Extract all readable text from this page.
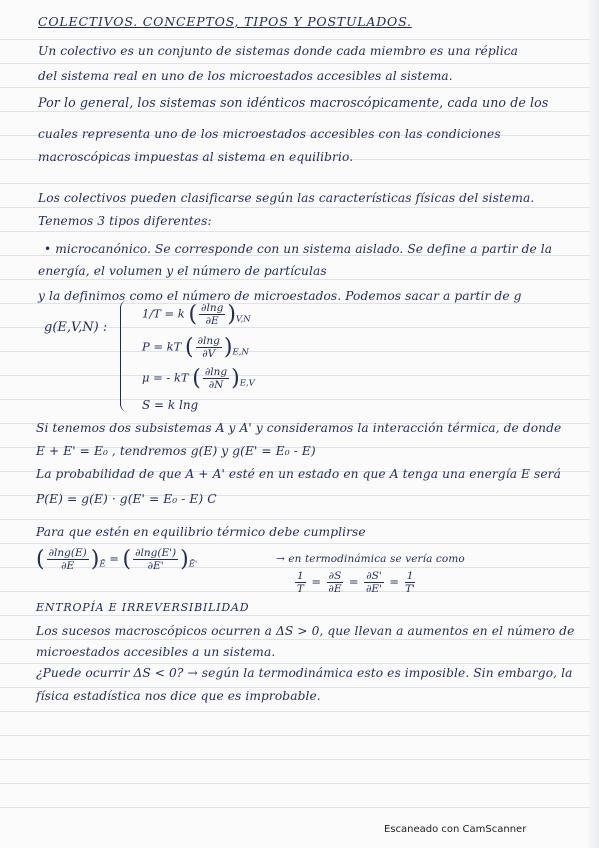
COLECTIVOS. CONCEPTOS, TIPOS Y POSTULADOS.
Un colectivo es un conjunto de sistemas donde cada miembro es una réplica
del sistema real en uno de los microestados accesibles al sistema.
Por lo general, los sistemas son idénticos macroscópicamente, cada uno de los
cuales representa uno de los microestados accesibles con las condiciones
macroscópicas impuestas al sistema en equilibrio.
Los colectivos pueden clasificarse según las características físicas del sistema.
Tenemos 3 tipos diferentes:
• microcanónico. Se corresponde con un sistema aislado. Se define a partir de la
energía, el volumen y el número de partículas
y la definimos como el número de microestados. Podemos sacar a partir de g
g(E,V,N) :
1/T = k ( $\frac{\partial\ln g}{\partial E} )_{V,N}$
P = kT ( $\frac{\partial\ln g}{\partial V} )_{E,N}$
μ = - kT ( $\frac{\partial\ln g}{\partial N} )_{E,V}$
S = k lng
Si tenemos dos subsistemas A y A' y consideramos la interacción térmica, de donde
E + E' = E₀ , tendremos g(E) y g(E' = E₀ - E)
La probabilidad de que A + A' esté en un estado en que A tenga una energía E será
P(E) = g(E) · g(E' = E₀ - E) C
Para que estén en equilibrio térmico debe cumplirse
( $\frac{\partial\ln g(E)}{\partial E} )_Ē$ = ( $\frac{\partial\ln g(E')}{\partial E'} )_{Ē'}$	→ en termodinámica se vería como
$\frac{1}{T} = \frac{\partial S}{\partial E} = \frac{\partial S'}{\partial E'} = \frac{1}{T'}$
ENTROPÍA E IRREVERSIBILIDAD
Los sucesos macroscópicos ocurren a ΔS > 0, que llevan a aumentos en el número de
microestados accesibles a un sistema.
¿Puede ocurrir ΔS < 0? → según la termodinámica esto es imposible. Sin embargo, la
física estadística nos dice que es improbable.
Escaneado con CamScanner
